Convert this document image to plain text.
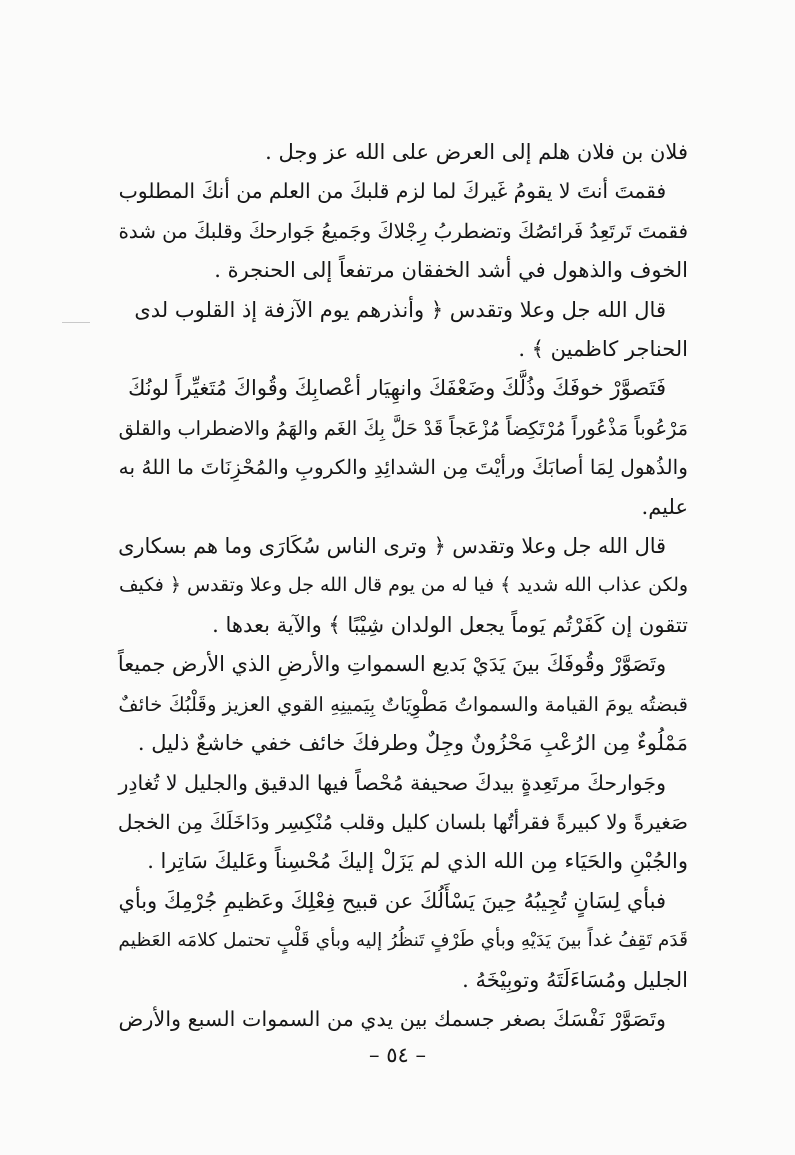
فلان بن فلان هلم إلى العرض على الله عز وجل .
فقمتَ أنتَ لا يقومُ غَيركَ لما لزم قلبكَ من العلم من أنكَ المطلوب
فقمتَ تَرتَعِدُ فَرائصُكَ وتضطربُ رِجْلاكَ وجَميعُ جَوارحكَ وقلبكَ من شدة
الخوف والذهول في أشد الخفقان مرتفعاً إلى الحنجرة .
قال الله جل وعلا وتقدس ﴿ وأنذرهم يوم الآزفة إذ القلوب لدى
الحناجر كاظمين ﴾ .
فَتَصوَّرْ خوفَكَ وذُلَّكَ وضَعْفَكَ وانهِيَار أعْصابِكَ وقُواكَ مُتَغيِّراً لونُكَ
مَرْعُوباً مَذْعُوراً مُرْتَكِضاً مُزْعَجاً قَدْ حَلَّ بِكَ الغَم والهَمُ والاضطراب والقلق
والذُهول لِمَا أصابَكَ ورأيْتَ مِن الشدائِدِ والكروبِ والمُحْزِنَاتَ ما اللهُ به
عليم.
قال الله جل وعلا وتقدس ﴿ وترى الناس سُكَارَى وما هم بسكارى
ولكن عذاب الله شديد ﴾ فيا له من يوم قال الله جل وعلا وتقدس ﴿ فكيف
تتقون إن كَفَرْتُم يَوماً يجعل الولدان شِيْبًا ﴾ والآية بعدها .
وتَصَوَّرْ وقُوفَكَ بينَ يَدَيْ بَديع السمواتِ والأرضِ الذي الأرض جميعاً
قبضتُه يومَ القيامة والسمواتُ مَطْوِيَاتٌ بِيَمينِهِ القوي العزيز وقَلْبُكَ خائفٌ
مَمْلُوءٌ مِن الرُعْبِ مَحْزُونٌ وجِلٌ وطرفكَ خائف خفي خاشعٌ ذليل .
وجَوارحكَ مرتَعِدةٍ بيدكَ صحيفة مُحْصاً فيها الدقيق والجليل لا تُغادِر
صَغيرةً ولا كبيرةً فقرأتُها بلسان كليل وقلب مُنْكِسِر ودَاخَلَكَ مِن الخجل
والجُبْنِ والحَيَاء مِن الله الذي لم يَزَلْ إليكَ مُحْسِناً وعَليكَ سَاتِرا .
فبأي لِسَانٍ تُجِيبُهُ حِينَ يَسْأَلُكَ عن قبيح فِعْلِكَ وعَظيمِ جُرْمِكَ وبأي
قَدَم تَقِفُ غداً بينَ يَدَيْهِ وبأي طَرْفٍ تَنظُرُ إليه وبأي قَلْبٍ تحتمل كلامَه العَظيم
الجليل ومُسَاءَلَتَهُ وتوبِيْخَهُ .
وتَصَوَّرْ نَفْسَكَ بصغر جسمك بين يدي من السموات السبع والأرض
– ٥٤ –
